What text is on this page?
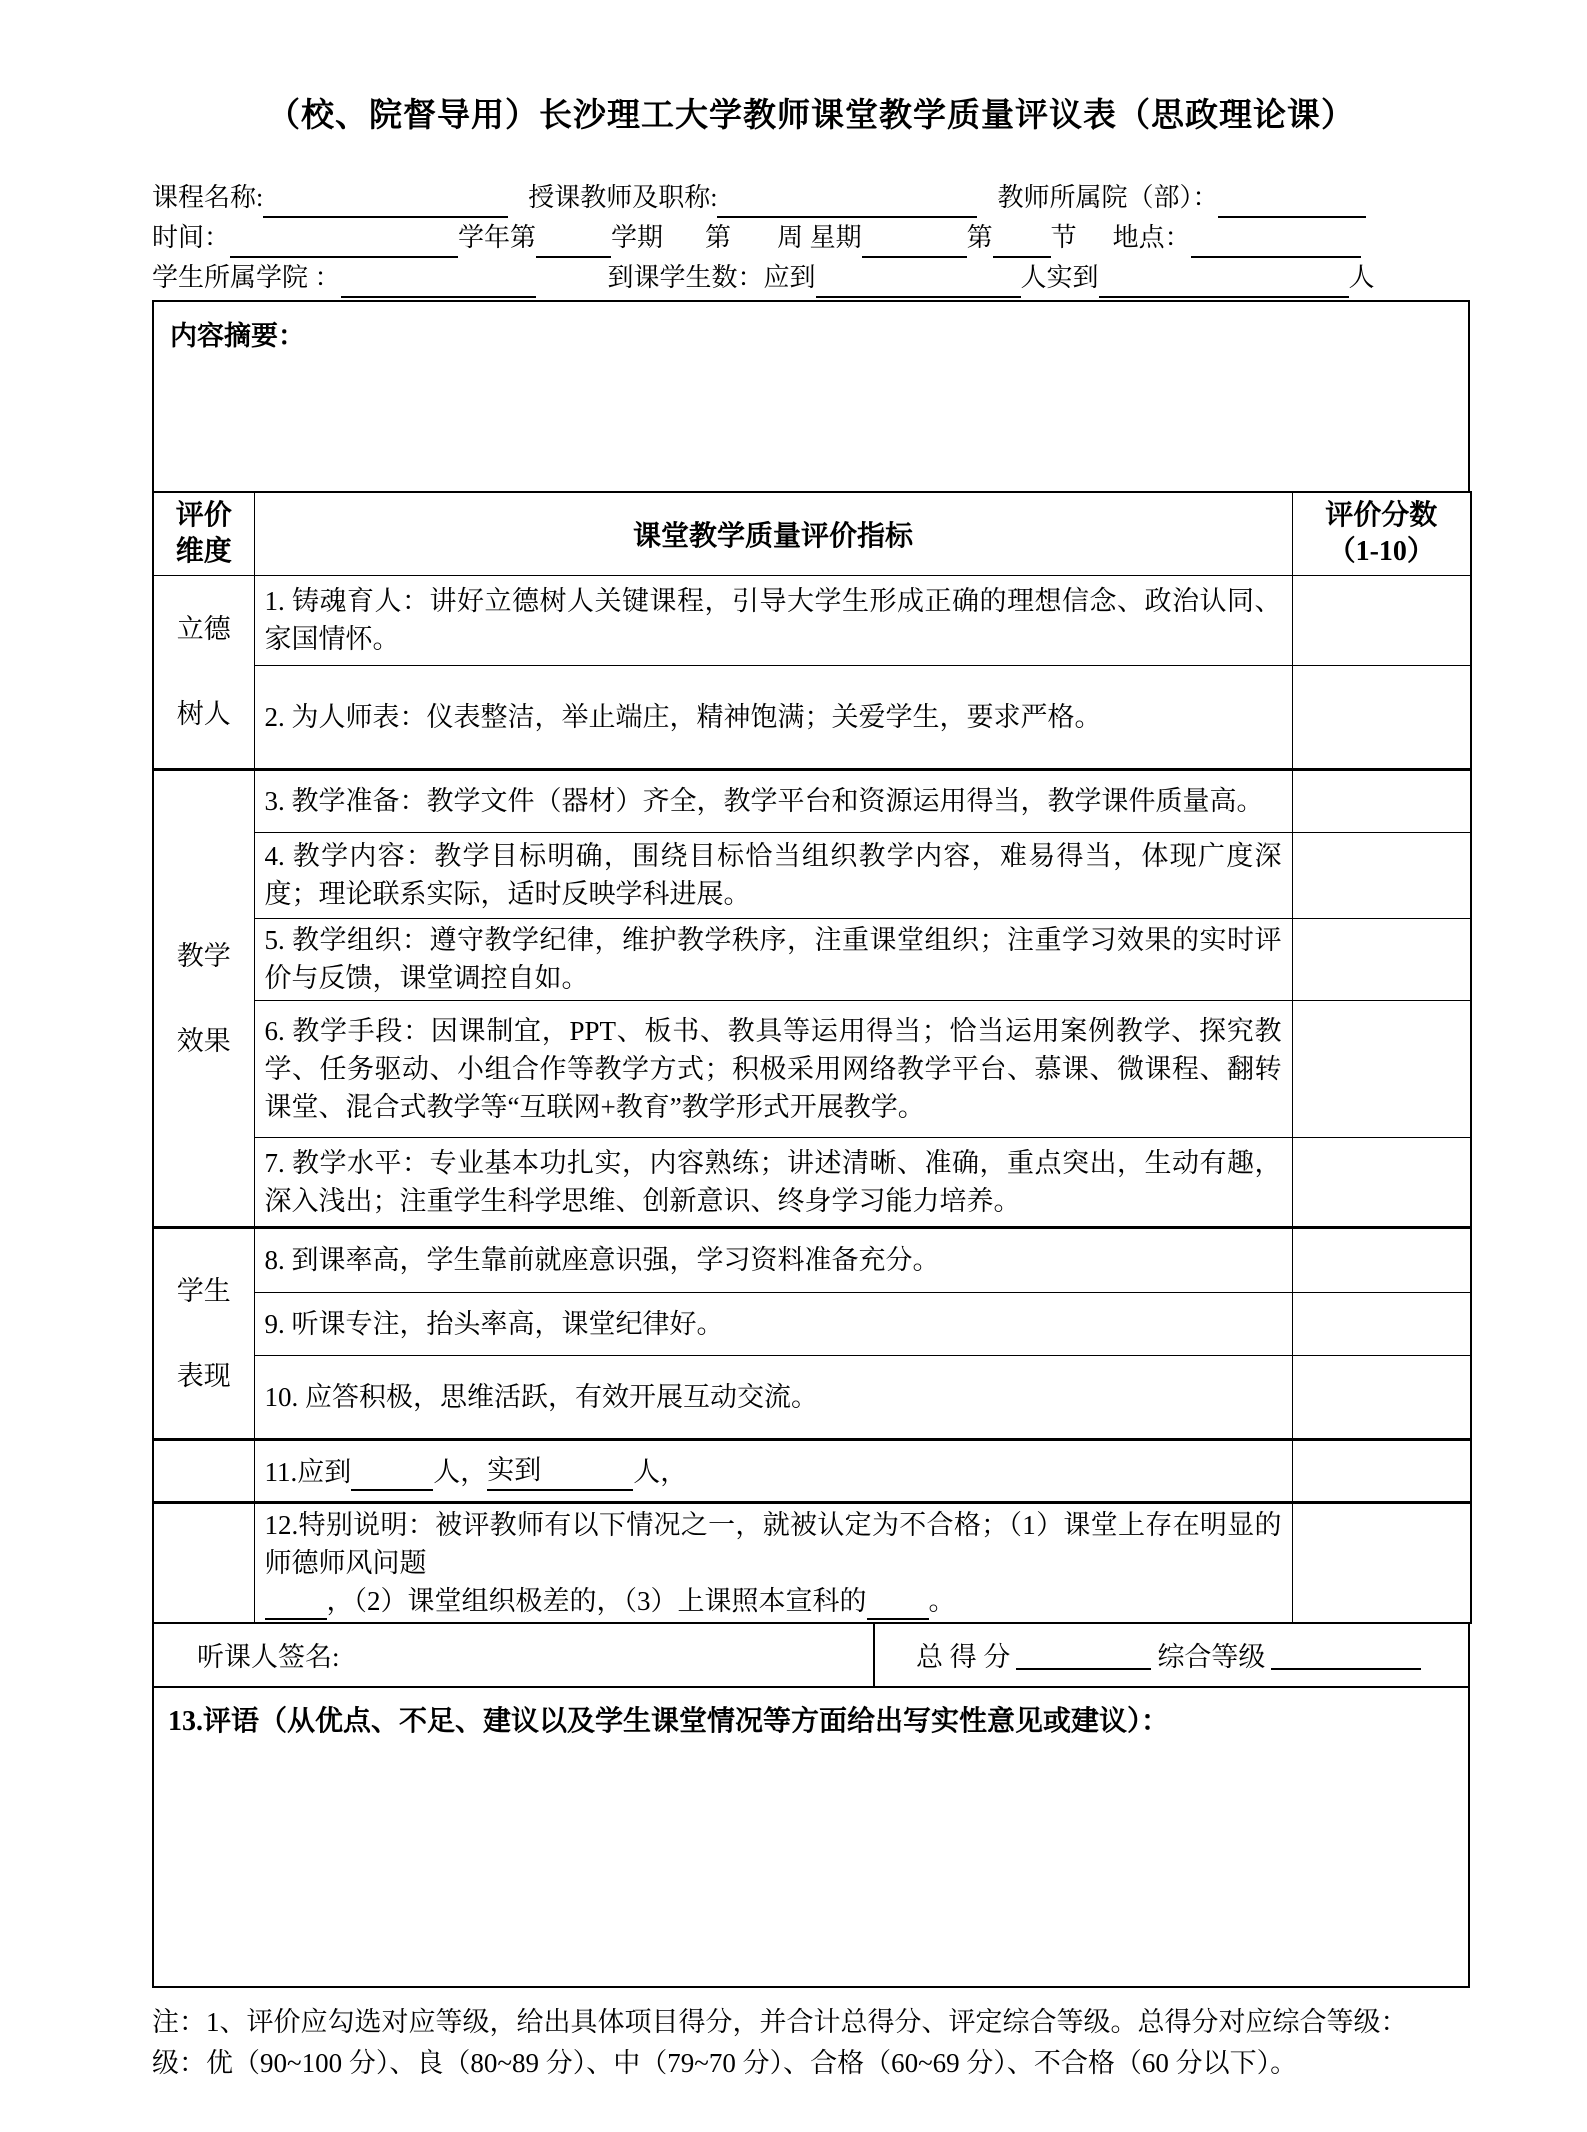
（校、院督导用）长沙理工大学教师课堂教学质量评议表（思政理论课）
课程名称:	授课教师及职称:	教师所属院（部）：
时间：	学年第	学期 第 周 星期	第 节 地点：
学生所属学院 ：	到课学生数：应到	人实到	人
内容摘要：
评价
维度	课堂教学质量评价指标	
评价分数
（1-10）

立德
树人	1. 铸魂育人：讲好立德树人关键课程，引导大学生形成正确的理想信念、政治认同、家国情怀。	
	2. 为人师表：仪表整洁，举止端庄，精神饱满；关爱学生，要求严格。	

教学
效果	3. 教学准备：教学文件（器材）齐全，教学平台和资源运用得当，教学课件质量高。	
	4. 教学内容：教学目标明确，围绕目标恰当组织教学内容，难易得当，体现广度深度；理论联系实际，适时反映学科进展。	
	5. 教学组织：遵守教学纪律，维护教学秩序，注重课堂组织；注重学习效果的实时评价与反馈，课堂调控自如。	
	6. 教学手段：因课制宜，PPT、板书、教具等运用得当；恰当运用案例教学、探究教学、任务驱动、小组合作等教学方式；积极采用网络教学平台、慕课、微课程、翻转课堂、混合式教学等“互联网+教育”教学形式开展教学。	
	7. 教学水平：专业基本功扎实，内容熟练；讲述清晰、准确，重点突出，生动有趣，深入浅出；注重学生科学思维、创新意识、终身学习能力培养。	

学生
表现	8. 到课率高，学生靠前就座意识强，学习资料准备充分。	
	9. 听课专注，抬头率高，课堂纪律好。	
	10. 应答积极，思维活跃，有效开展互动交流。	
	11.应到 人，实到 人，	
	12.特别说明：被评教师有以下情况之一，就被认定为不合格；（1）课堂上存在明显的师德师风问题，（2）课堂组织极差的，（3）上课照本宣科的 。	
听课人签名:	总 得 分	综合等级
13.评语（从优点、不足、建议以及学生课堂情况等方面给出写实性意见或建议）：
注：1、评价应勾选对应等级，给出具体项目得分，并合计总得分、评定综合等级。总得分对应综合等级：
级：优（90~100 分）、良（80~89 分）、中（79~70 分）、合格（60~69 分）、不合格（60 分以下）。
